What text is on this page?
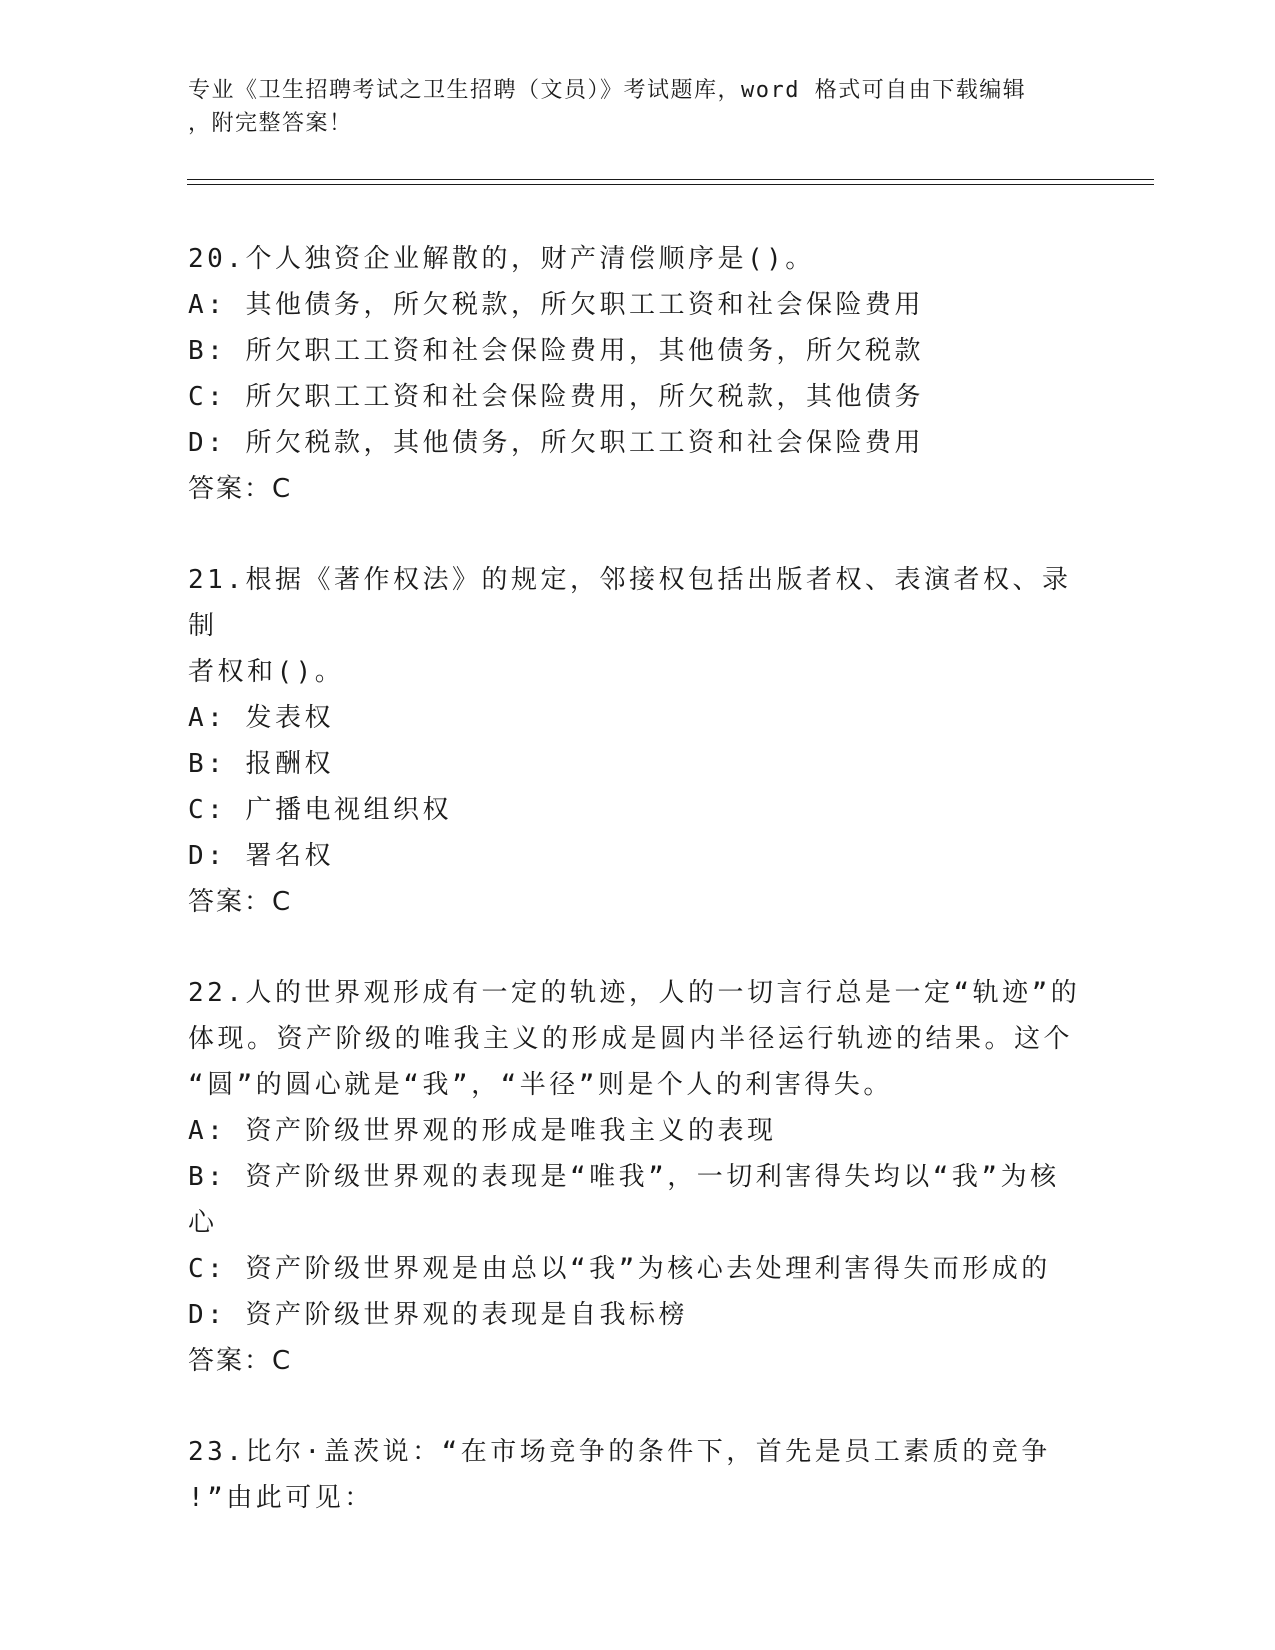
专业《卫生招聘考试之卫生招聘（文员）》考试题库，word 格式可自由下载编辑
，附完整答案！
20.个人独资企业解散的，财产清偿顺序是()。
A: 其他债务，所欠税款，所欠职工工资和社会保险费用
B: 所欠职工工资和社会保险费用，其他债务，所欠税款
C: 所欠职工工资和社会保险费用，所欠税款，其他债务
D: 所欠税款，其他债务，所欠职工工资和社会保险费用
答案：C
21.根据《著作权法》的规定，邻接权包括出版者权、表演者权、录制
者权和()。
A: 发表权
B: 报酬权
C: 广播电视组织权
D: 署名权
答案：C
22.人的世界观形成有一定的轨迹，人的一切言行总是一定“轨迹”的
体现。资产阶级的唯我主义的形成是圆内半径运行轨迹的结果。这个
“圆”的圆心就是“我”，“半径”则是个人的利害得失。
A: 资产阶级世界观的形成是唯我主义的表现
B: 资产阶级世界观的表现是“唯我”，一切利害得失均以“我”为核
心
C: 资产阶级世界观是由总以“我”为核心去处理利害得失而形成的
D: 资产阶级世界观的表现是自我标榜
答案：C
23.比尔·盖茨说：“在市场竞争的条件下，首先是员工素质的竞争
!”由此可见：
